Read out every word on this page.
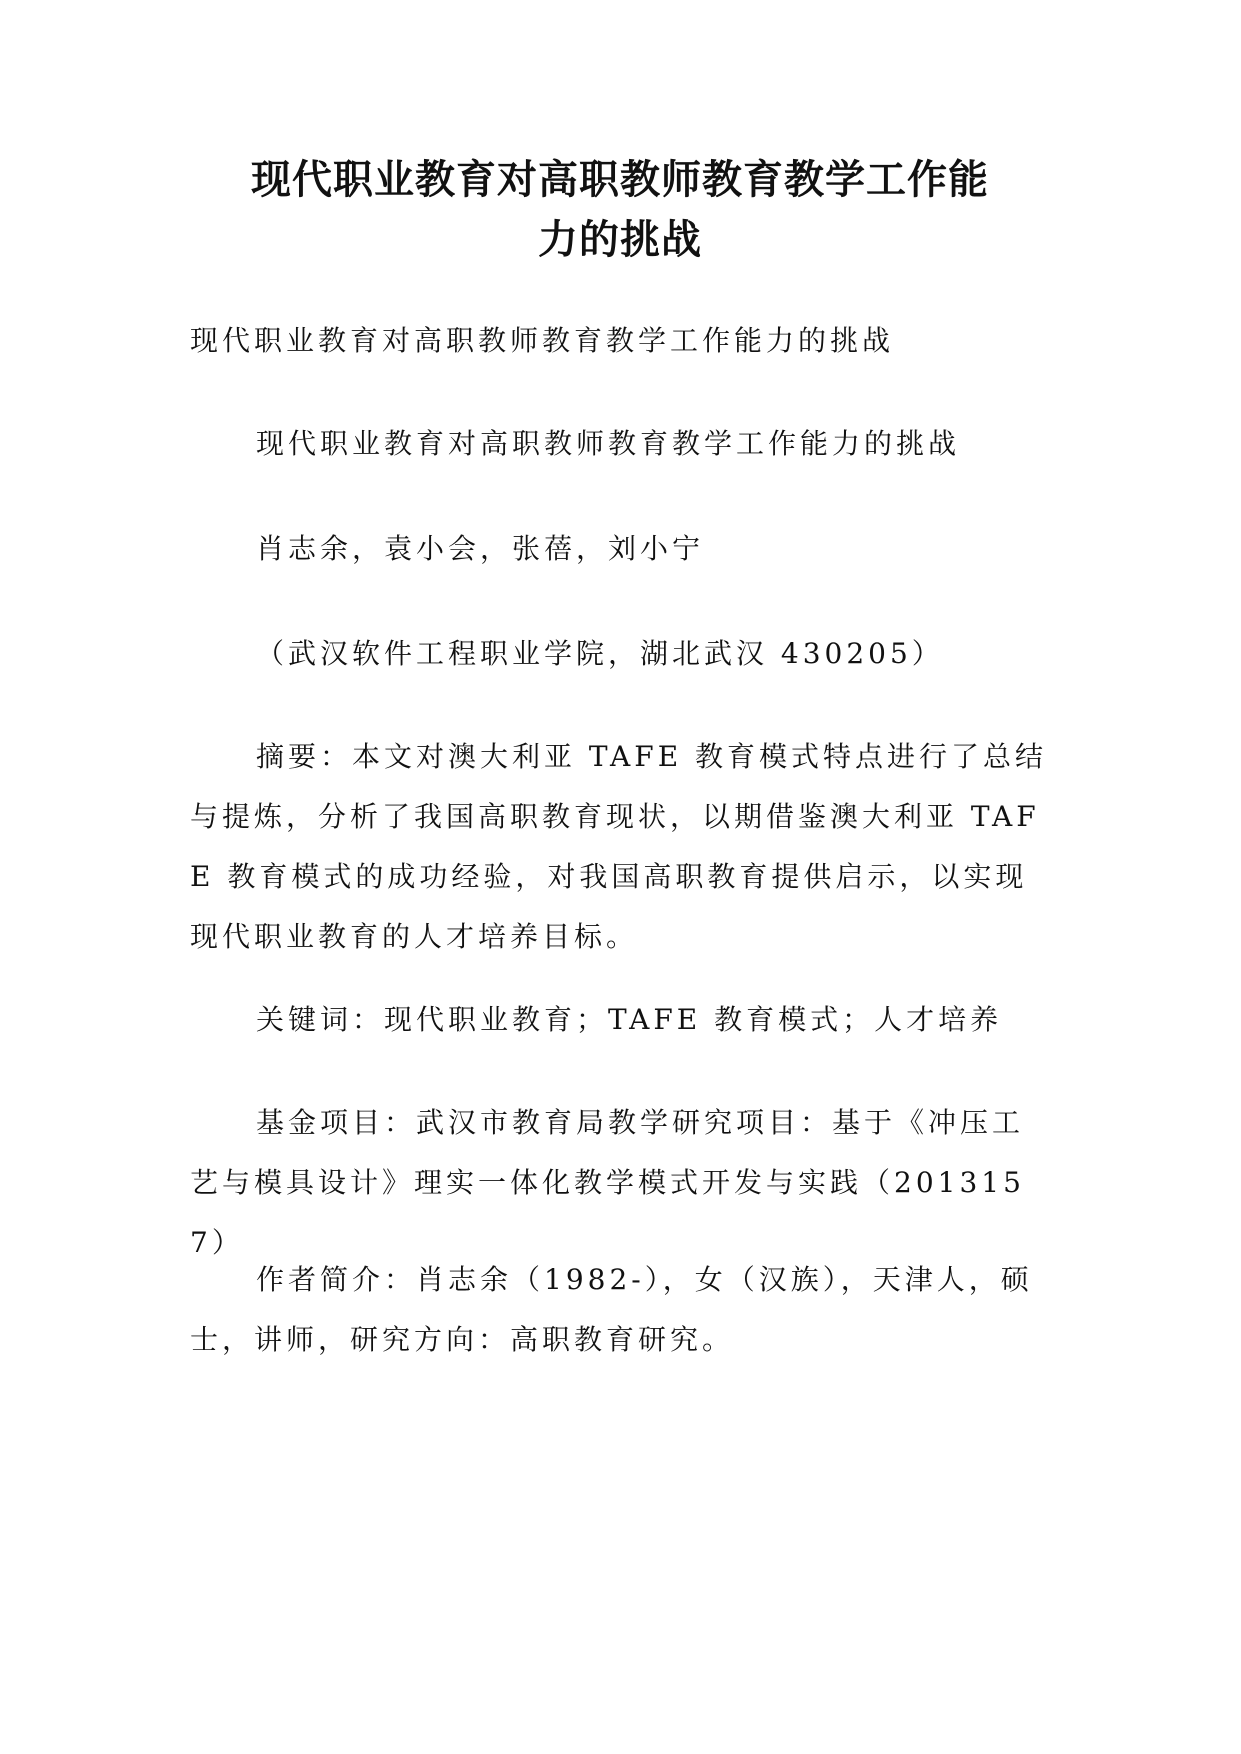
现代职业教育对高职教师教育教学工作能
力的挑战

现代职业教育对高职教师教育教学工作能力的挑战

现代职业教育对高职教师教育教学工作能力的挑战

肖志余，袁小会，张蓓，刘小宁

（武汉软件工程职业学院，湖北武汉 430205）

摘要：本文对澳大利亚 TAFE 教育模式特点进行了总结与提炼，分析了我国高职教育现状，以期借鉴澳大利亚 TAFE 教育模式的成功经验，对我国高职教育提供启示，以实现现代职业教育的人才培养目标。

关键词：现代职业教育；TAFE 教育模式；人才培养

基金项目：武汉市教育局教学研究项目：基于《冲压工艺与模具设计》理实一体化教学模式开发与实践（2013157）

作者简介：肖志余（1982-），女（汉族），天津人，硕士，讲师，研究方向：高职教育研究。
